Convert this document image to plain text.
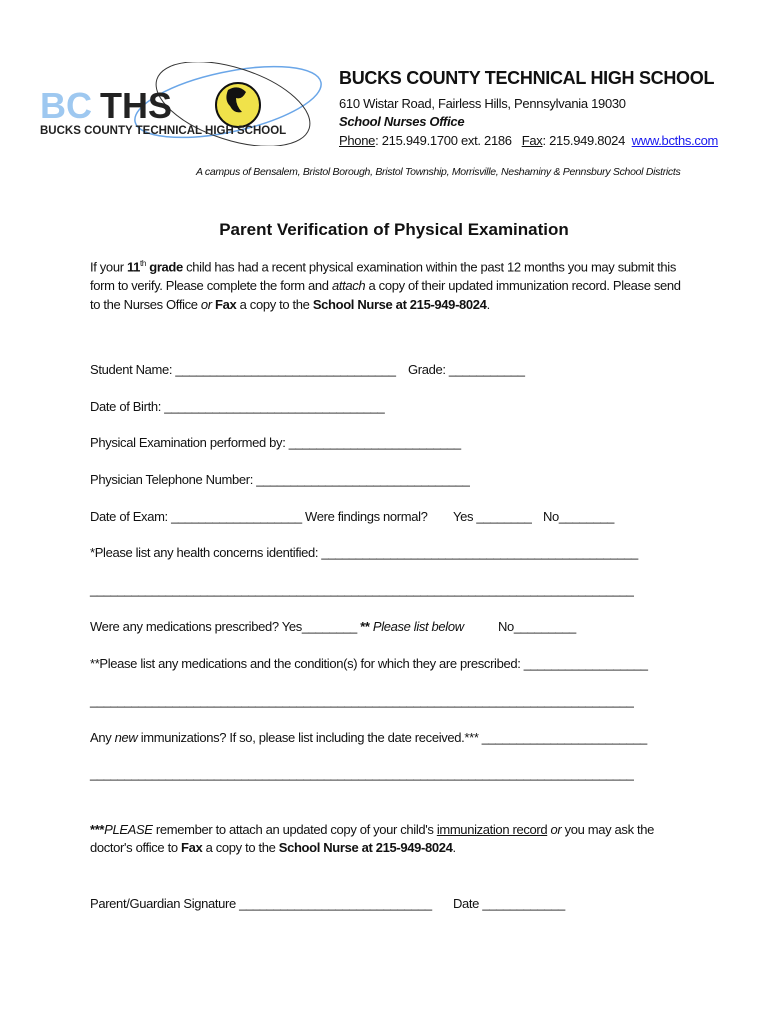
BC THS
BUCKS COUNTY TECHNICAL HIGH SCHOOL
BUCKS COUNTY TECHNICAL HIGH SCHOOL
610 Wistar Road, Fairless Hills, Pennsylvania 19030
School Nurses Office
Phone: 215.949.1700 ext. 2186 Fax: 215.949.8024 www.bcths.com
A campus of Bensalem, Bristol Borough, Bristol Township, Morrisville, Neshaminy & Pennsbury School Districts
Parent Verification of Physical Examination
If your 11th grade child has had a recent physical examination within the past 12 months you may submit this
form to verify. Please complete the form and attach a copy of their updated immunization record. Please send
to the Nurses Office or Fax a copy to the School Nurse at 215-949-8024.
Student Name: ________________________________ Grade: ___________
Date of Birth: ________________________________
Physical Examination performed by: _________________________
Physician Telephone Number: _______________________________
Date of Exam: ___________________ Were findings normal? Yes ________ No________
*Please list any health concerns identified: ______________________________________________
_______________________________________________________________________________
Were any medications prescribed? Yes________ ** Please list below	No_________
**Please list any medications and the condition(s) for which they are prescribed: __________________
_______________________________________________________________________________
Any new immunizations? If so, please list including the date received.*** ________________________
_______________________________________________________________________________
***PLEASE remember to attach an updated copy of your child's immunization record or you may ask the
doctor's office to Fax a copy to the School Nurse at 215-949-8024.
Parent/Guardian Signature ____________________________ Date ____________
